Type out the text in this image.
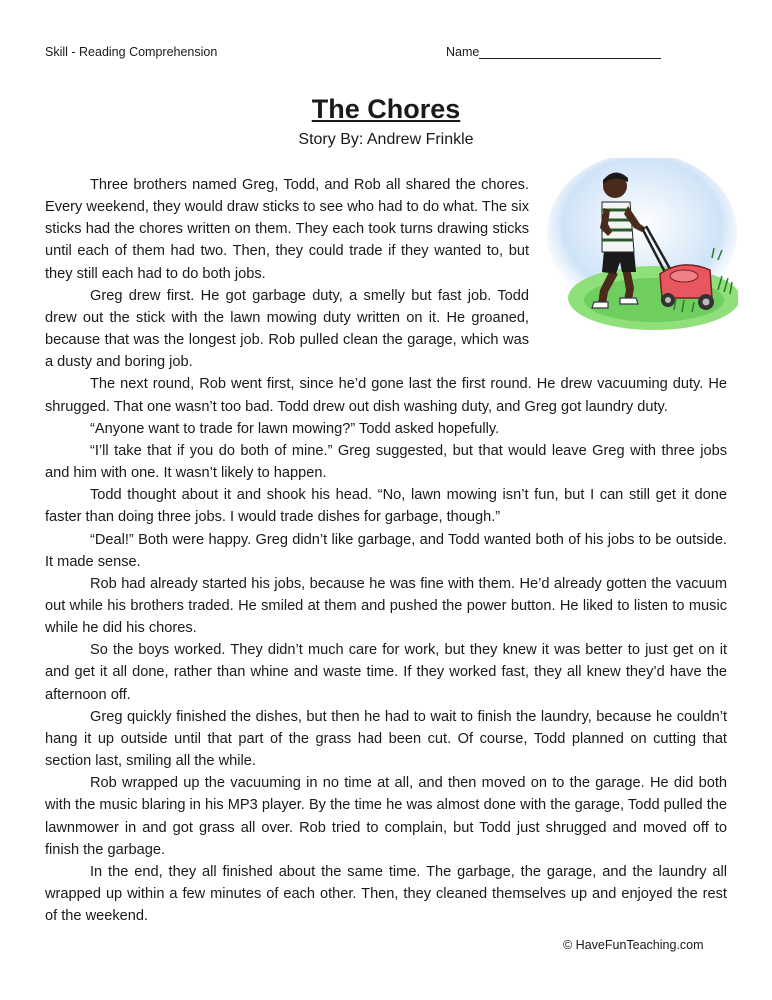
Skill - Reading Comprehension	Name
The Chores
Story By: Andrew Frinkle

Three brothers named Greg, Todd, and Rob all shared the chores. Every weekend, they would draw sticks to see who had to do what. The six sticks had the chores written on them. They each took turns drawing sticks until each of them had two. Then, they could trade if they wanted to, but they still each had to do both jobs.

Greg drew first. He got garbage duty, a smelly but fast job. Todd drew out the stick with the lawn mowing duty written on it. He groaned, because that was the longest job. Rob pulled clean the garage, which was a dusty and boring job.

The next round, Rob went first, since he’d gone last the first round. He drew vacuuming duty. He shrugged. That one wasn’t too bad. Todd drew out dish washing duty, and Greg got laundry duty.

“Anyone want to trade for lawn mowing?” Todd asked hopefully.

“I’ll take that if you do both of mine.” Greg suggested, but that would leave Greg with three jobs and him with one. It wasn’t likely to happen.

Todd thought about it and shook his head. “No, lawn mowing isn’t fun, but I can still get it done faster than doing three jobs. I would trade dishes for garbage, though.”

“Deal!” Both were happy. Greg didn’t like garbage, and Todd wanted both of his jobs to be outside. It made sense.

Rob had already started his jobs, because he was fine with them. He’d already gotten the vacuum out while his brothers traded. He smiled at them and pushed the power button. He liked to listen to music while he did his chores.

So the boys worked. They didn’t much care for work, but they knew it was better to just get on it and get it all done, rather than whine and waste time. If they worked fast, they all knew they’d have the afternoon off.

Greg quickly finished the dishes, but then he had to wait to finish the laundry, because he couldn’t hang it up outside until that part of the grass had been cut. Of course, Todd planned on cutting that section last, smiling all the while.

Rob wrapped up the vacuuming in no time at all, and then moved on to the garage. He did both with the music blaring in his MP3 player. By the time he was almost done with the garage, Todd pulled the lawnmower in and got grass all over. Rob tried to complain, but Todd just shrugged and moved off to finish the garbage.

In the end, they all finished about the same time. The garbage, the garage, and the laundry all wrapped up within a few minutes of each other. Then, they cleaned themselves up and enjoyed the rest of the weekend.

© HaveFunTeaching.com
